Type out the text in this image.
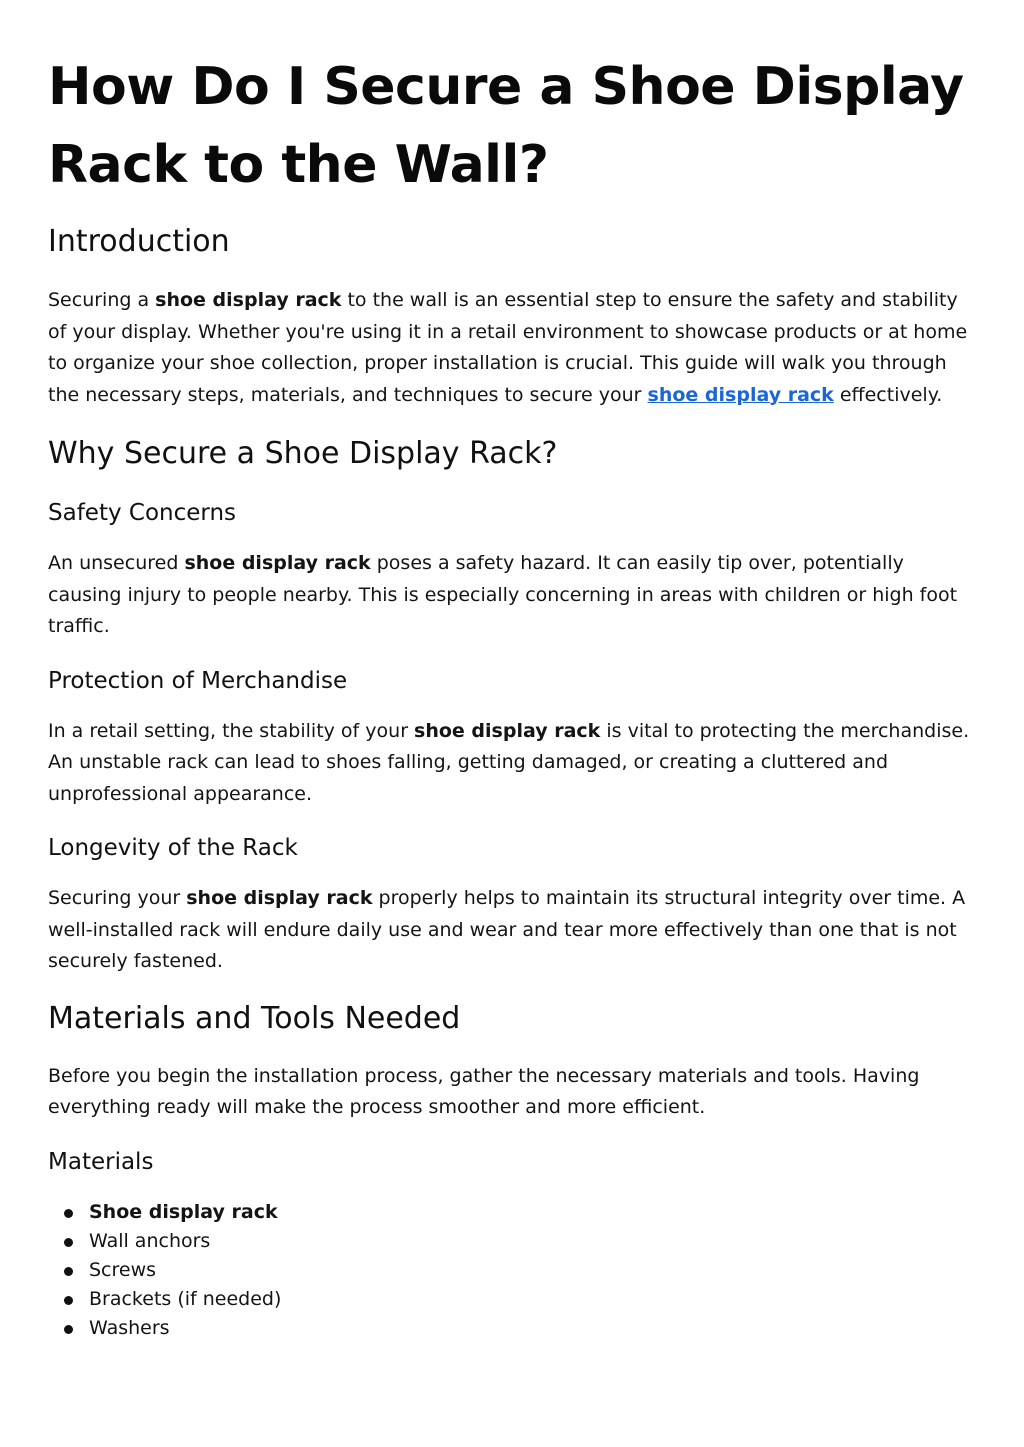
How Do I Secure a Shoe Display Rack to the Wall?
Introduction

Securing a shoe display rack to the wall is an essential step to ensure the safety and stability of your display. Whether you're using it in a retail environment to showcase products or at home to organize your shoe collection, proper installation is crucial. This guide will walk you through the necessary steps, materials, and techniques to secure your shoe display rack effectively.

Why Secure a Shoe Display Rack?
Safety Concerns

An unsecured shoe display rack poses a safety hazard. It can easily tip over, potentially causing injury to people nearby. This is especially concerning in areas with children or high foot traffic.

Protection of Merchandise

In a retail setting, the stability of your shoe display rack is vital to protecting the merchandise. An unstable rack can lead to shoes falling, getting damaged, or creating a cluttered and unprofessional appearance.

Longevity of the Rack

Securing your shoe display rack properly helps to maintain its structural integrity over time. A well-installed rack will endure daily use and wear and tear more effectively than one that is not securely fastened.

Materials and Tools Needed

Before you begin the installation process, gather the necessary materials and tools. Having everything ready will make the process smoother and more efficient.

Materials
Shoe display rack
Wall anchors
Screws
Brackets (if needed)
Washers
